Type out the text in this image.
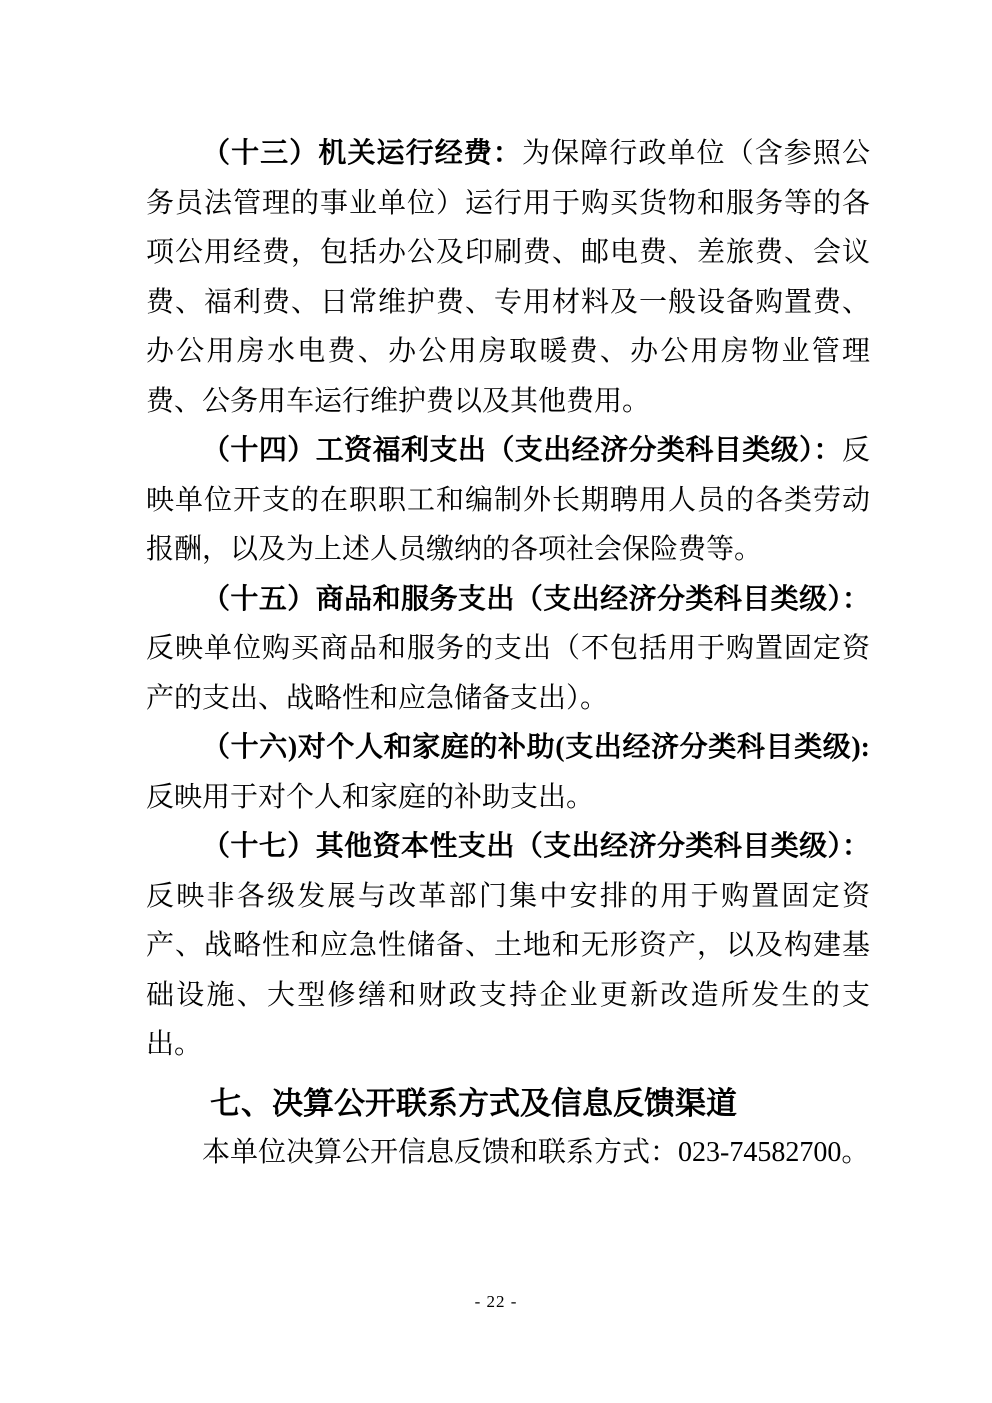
（十三）机关运行经费：为保障行政单位（含参照公务员法管理的事业单位）运行用于购买货物和服务等的各项公用经费，包括办公及印刷费、邮电费、差旅费、会议费、福利费、日常维护费、专用材料及一般设备购置费、办公用房水电费、办公用房取暖费、办公用房物业管理费、公务用车运行维护费以及其他费用。

（十四）工资福利支出（支出经济分类科目类级）：反映单位开支的在职职工和编制外长期聘用人员的各类劳动报酬，以及为上述人员缴纳的各项社会保险费等。

（十五）商品和服务支出（支出经济分类科目类级）：反映单位购买商品和服务的支出（不包括用于购置固定资产的支出、战略性和应急储备支出）。

（十六)对个人和家庭的补助(支出经济分类科目类级):反映用于对个人和家庭的补助支出。

（十七）其他资本性支出（支出经济分类科目类级）：反映非各级发展与改革部门集中安排的用于购置固定资产、战略性和应急性储备、土地和无形资产，以及构建基础设施、大型修缮和财政支持企业更新改造所发生的支出。

七、决算公开联系方式及信息反馈渠道

本单位决算公开信息反馈和联系方式：023-74582700。

- 22 -
